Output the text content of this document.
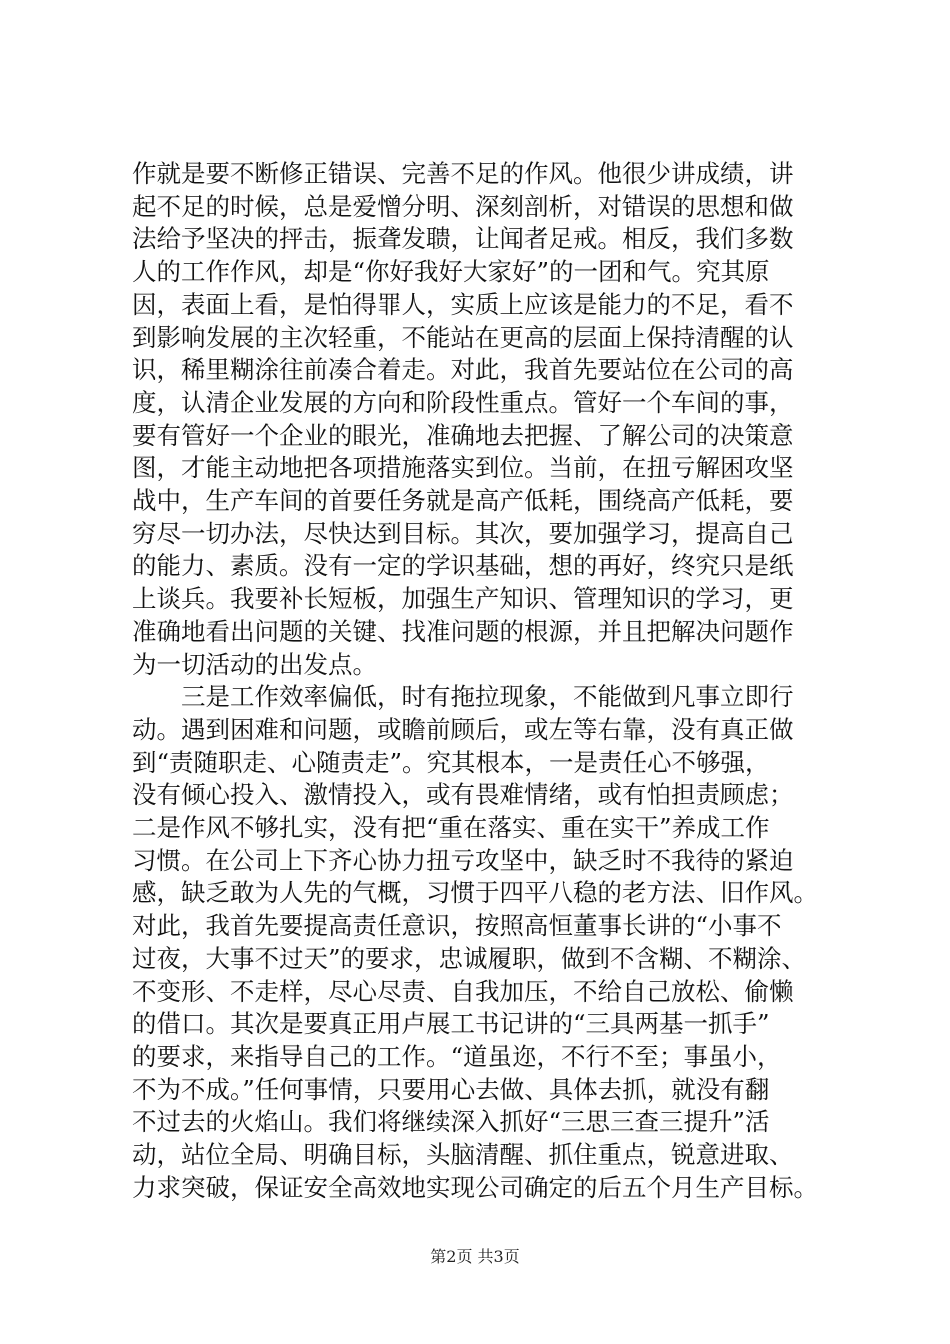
作就是要不断修正错误、完善不足的作风。他很少讲成绩，讲
起不足的时候，总是爱憎分明、深刻剖析，对错误的思想和做
法给予坚决的抨击，振聋发聩，让闻者足戒。相反，我们多数
人的工作作风，却是“你好我好大家好”的一团和气。究其原
因，表面上看，是怕得罪人，实质上应该是能力的不足，看不
到影响发展的主次轻重，不能站在更高的层面上保持清醒的认
识，稀里糊涂往前凑合着走。对此，我首先要站位在公司的高
度，认清企业发展的方向和阶段性重点。管好一个车间的事，
要有管好一个企业的眼光，准确地去把握、了解公司的决策意
图，才能主动地把各项措施落实到位。当前，在扭亏解困攻坚
战中，生产车间的首要任务就是高产低耗，围绕高产低耗，要
穷尽一切办法，尽快达到目标。其次，要加强学习，提高自己
的能力、素质。没有一定的学识基础，想的再好，终究只是纸
上谈兵。我要补长短板，加强生产知识、管理知识的学习，更
准确地看出问题的关键、找准问题的根源，并且把解决问题作
为一切活动的出发点。
三是工作效率偏低，时有拖拉现象，不能做到凡事立即行
动。遇到困难和问题，或瞻前顾后，或左等右靠，没有真正做
到“责随职走、心随责走”。究其根本，一是责任心不够强，
没有倾心投入、激情投入，或有畏难情绪，或有怕担责顾虑；
二是作风不够扎实，没有把“重在落实、重在实干”养成工作
习惯。在公司上下齐心协力扭亏攻坚中，缺乏时不我待的紧迫
感，缺乏敢为人先的气概，习惯于四平八稳的老方法、旧作风。
对此，我首先要提高责任意识，按照高恒董事长讲的“小事不
过夜，大事不过天”的要求，忠诚履职，做到不含糊、不糊涂、
不变形、不走样，尽心尽责、自我加压，不给自己放松、偷懒
的借口。其次是要真正用卢展工书记讲的“三具两基一抓手”
的要求，来指导自己的工作。“道虽迩，不行不至；事虽小，
不为不成。”任何事情，只要用心去做、具体去抓，就没有翻
不过去的火焰山。我们将继续深入抓好“三思三查三提升”活
动，站位全局、明确目标，头脑清醒、抓住重点，锐意进取、
力求突破，保证安全高效地实现公司确定的后五个月生产目标。
第2页 共3页
